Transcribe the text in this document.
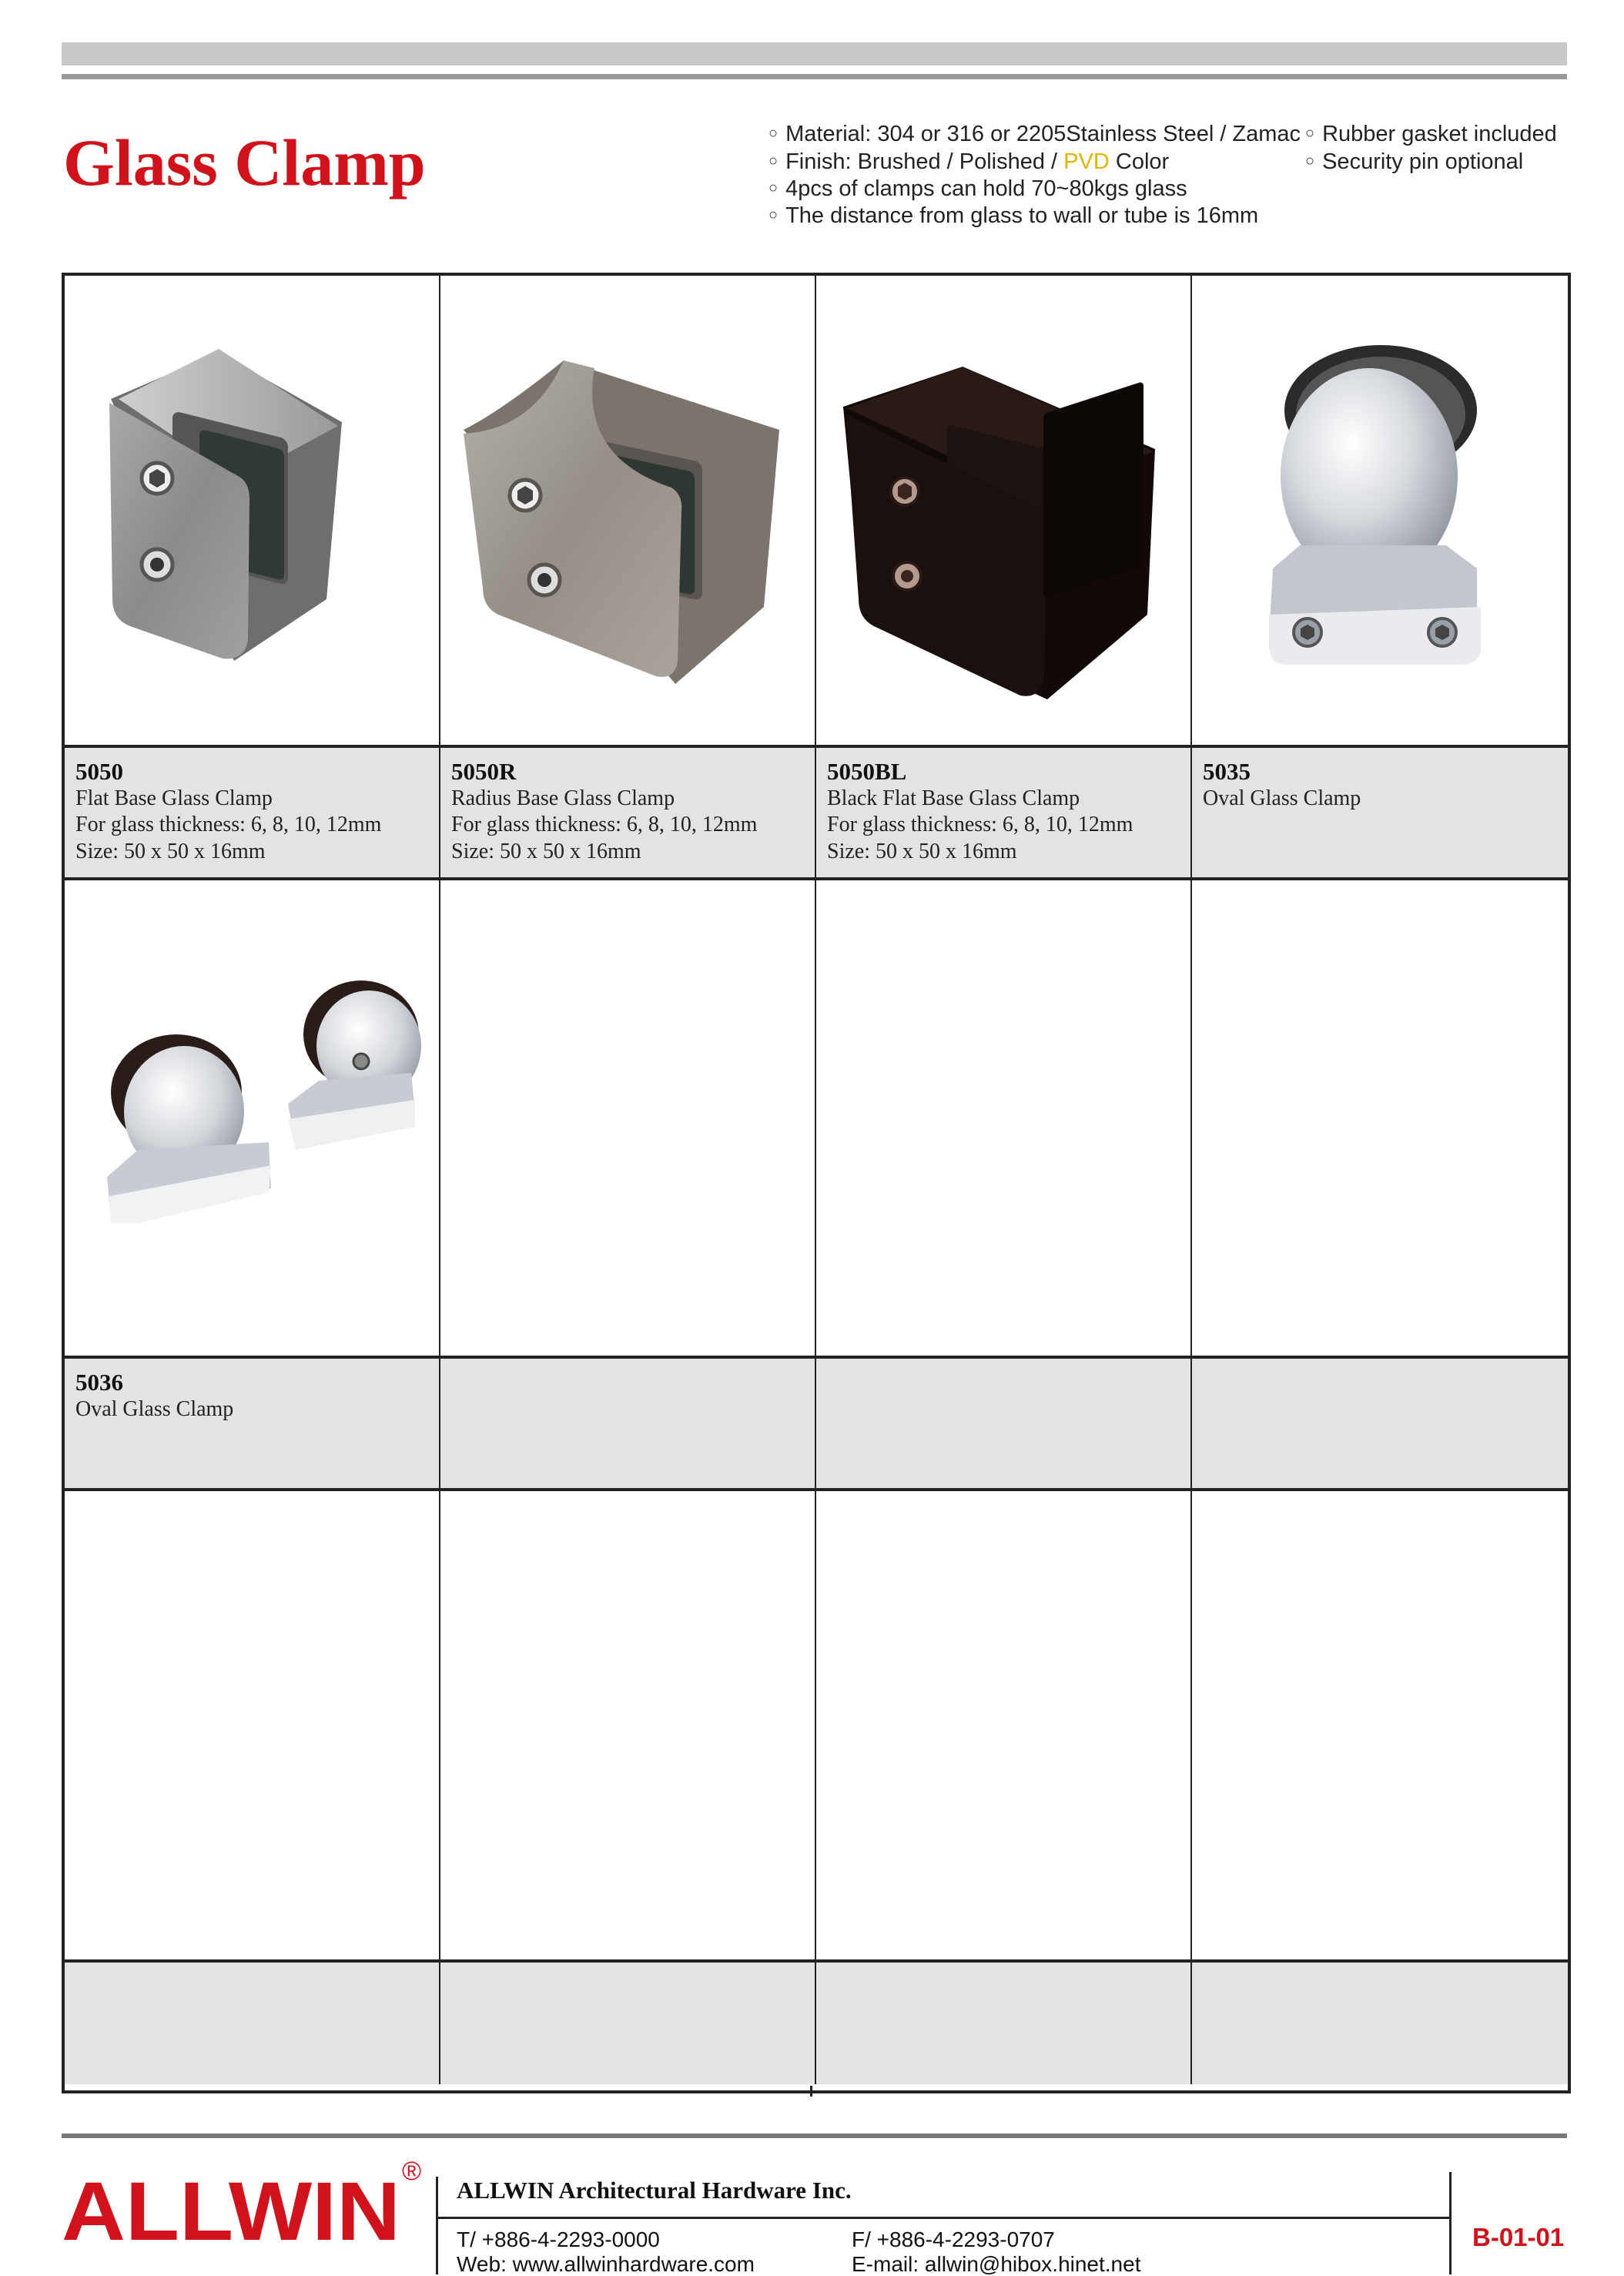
Glass Clamp	○ Material: 304 or 316 or 2205Stainless Steel / Zamac
○ Finish: Brushed / Polished / PVD Color
○ 4pcs of clamps can hold 70~80kgs glass
○ The distance from glass to wall or tube is 16mm
○ Rubber gasket included
○ Security pin optional
5050
Flat Base Glass Clamp
For glass thickness: 6, 8, 10, 12mm
Size: 50 x 50 x 16mm
5050R
Radius Base Glass Clamp
For glass thickness: 6, 8, 10, 12mm
Size: 50 x 50 x 16mm
5050BL
Black Flat Base Glass Clamp
For glass thickness: 6, 8, 10, 12mm
Size: 50 x 50 x 16mm
5035
Oval Glass Clamp
5036
Oval Glass Clamp
ALLWIN ®
ALLWIN Architectural Hardware Inc.
T/ +886-4-2293-0000	F/ +886-4-2293-0707
Web: www.allwinhardware.com	E-mail: allwin@hibox.hinet.net
B-01-01
